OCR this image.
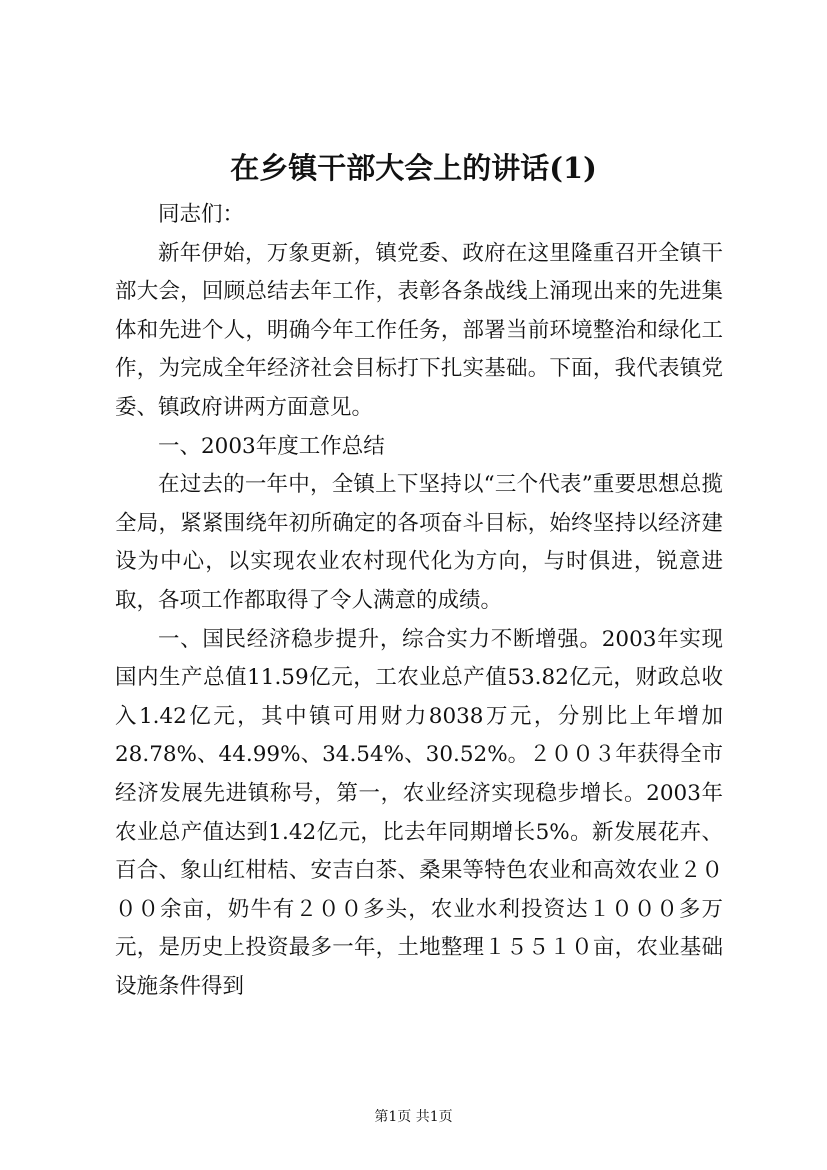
在乡镇干部大会上的讲话(1)

同志们：

新年伊始，万象更新，镇党委、政府在这里隆重召开全镇干部大会，回顾总结去年工作，表彰各条战线上涌现出来的先进集体和先进个人，明确今年工作任务，部署当前环境整治和绿化工作，为完成全年经济社会目标打下扎实基础。下面，我代表镇党委、镇政府讲两方面意见。

一、2003年度工作总结

在过去的一年中，全镇上下坚持以“三个代表”重要思想总揽全局，紧紧围绕年初所确定的各项奋斗目标，始终坚持以经济建设为中心，以实现农业农村现代化为方向，与时俱进，锐意进取，各项工作都取得了令人满意的成绩。

一、国民经济稳步提升，综合实力不断增强。2003年实现国内生产总值11.59亿元，工农业总产值53.82亿元，财政总收入1.42亿元，其中镇可用财力8038万元，分别比上年增加28.78%、44.99%、34.54%、30.52%。２００３年获得全市经济发展先进镇称号，第一，农业经济实现稳步增长。2003年农业总产值达到1.42亿元，比去年同期增长5%。新发展花卉、百合、象山红柑桔、安吉白茶、桑果等特色农业和高效农业２０００余亩，奶牛有２００多头，农业水利投资达１０００多万元，是历史上投资最多一年，土地整理１５５１０亩，农业基础设施条件得到

第1页 共1页
